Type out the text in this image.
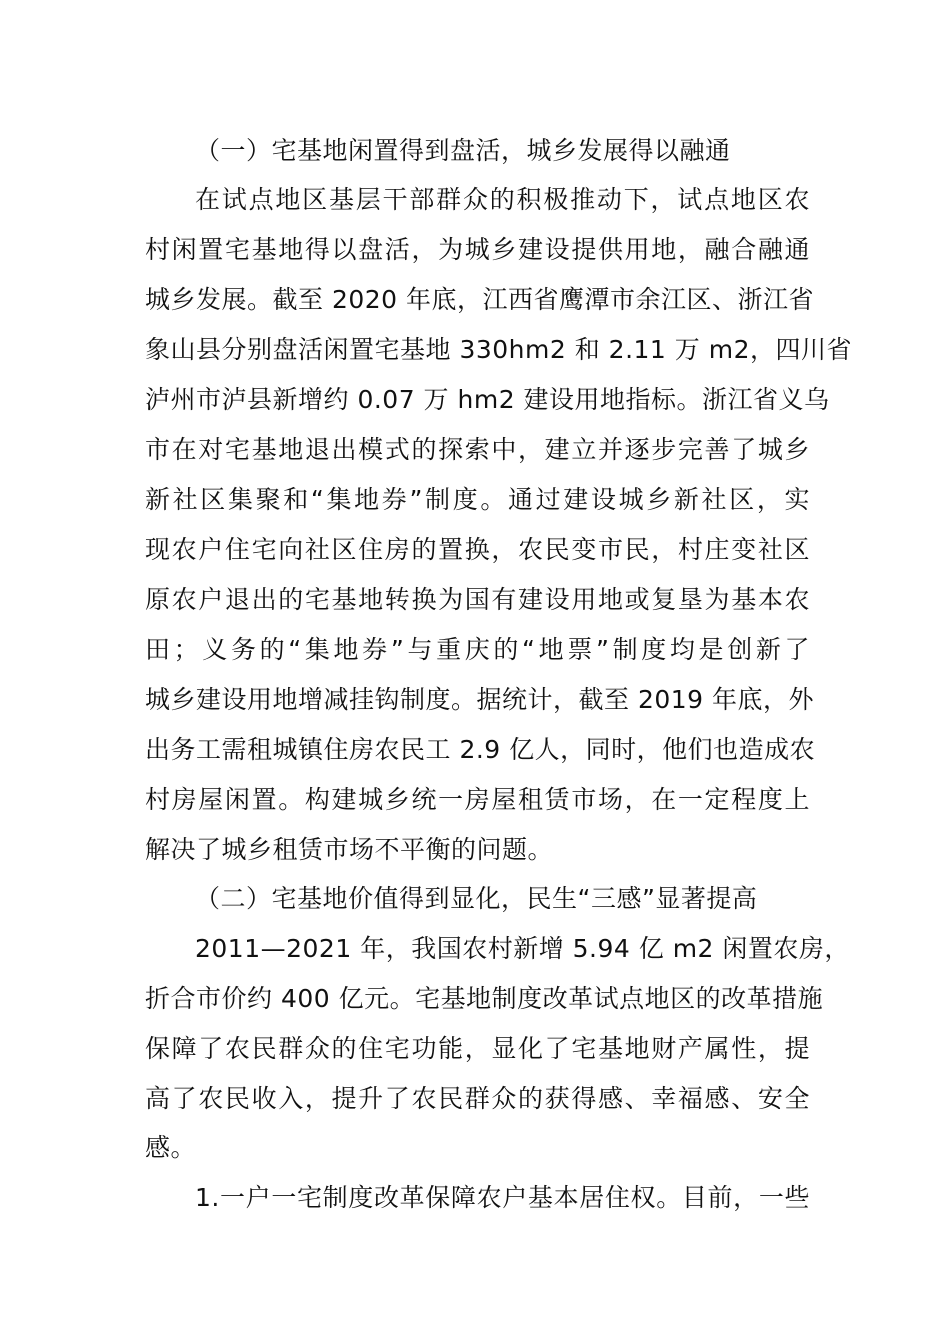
（一）宅基地闲置得到盘活，城乡发展得以融通
在试点地区基层干部群众的积极推动下，试点地区农
村闲置宅基地得以盘活，为城乡建设提供用地，融合融通
城乡发展。截至 2020 年底，江西省鹰潭市余江区、浙江省
象山县分别盘活闲置宅基地 330hm2 和 2.11 万 m2，四川省
泸州市泸县新增约 0.07 万 hm2 建设用地指标。浙江省义乌
市在对宅基地退出模式的探索中，建立并逐步完善了城乡
新社区集聚和“集地券”制度。通过建设城乡新社区，实
现农户住宅向社区住房的置换，农民变市民，村庄变社区
原农户退出的宅基地转换为国有建设用地或复垦为基本农
田；义务的“集地券”与重庆的“地票”制度均是创新了
城乡建设用地增减挂钩制度。据统计，截至 2019 年底，外
出务工需租城镇住房农民工 2.9 亿人，同时，他们也造成农
村房屋闲置。构建城乡统一房屋租赁市场，在一定程度上
解决了城乡租赁市场不平衡的问题。
（二）宅基地价值得到显化，民生“三感”显著提高
2011—2021 年，我国农村新增 5.94 亿 m2 闲置农房，
折合市价约 400 亿元。宅基地制度改革试点地区的改革措施
保障了农民群众的住宅功能，显化了宅基地财产属性，提
高了农民收入，提升了农民群众的获得感、幸福感、安全
感。
1.一户一宅制度改革保障农户基本居住权。目前，一些
